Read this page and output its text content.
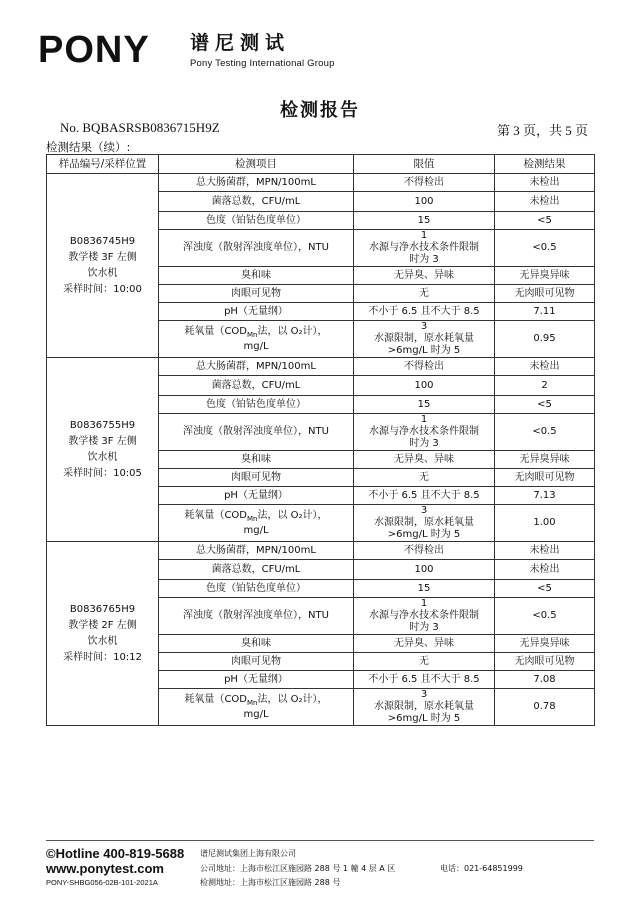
PONY 谱尼测试
Pony Testing International Group
检测报告
No. BQBASRSB0836715H9Z	第 3 页，共 5 页
检测结果（续）:
样品编号/采样位置	检测项目	限值	检测结果

B0836745H9
教学楼 3F 左侧
饮水机
采样时间：10:00	总大肠菌群，MPN/100mL	不得检出	未检出
	菌落总数，CFU/mL	100	未检出
	色度（铂钴色度单位）	15	<5
	浑浊度（散射浑浊度单位），NTU	1
水源与净水技术条件限制
时为 3	<0.5
	臭和味	无异臭、异味	无异臭异味
	肉眼可见物	无	无肉眼可见物
	pH（无量纲）	不小于 6.5 且不大于 8.5	7.11
	耗氧量（$COD_{Mn}$法，以 O₂计），
mg/L	3
水源限制，原水耗氧量
>6mg/L 时为 5	0.95

B0836755H9
教学楼 3F 左侧
饮水机
采样时间：10:05	总大肠菌群，MPN/100mL	不得检出	未检出
	菌落总数，CFU/mL	100	2
	色度（铂钴色度单位）	15	<5
	浑浊度（散射浑浊度单位），NTU	1
水源与净水技术条件限制
时为 3	<0.5
	臭和味	无异臭、异味	无异臭异味
	肉眼可见物	无	无肉眼可见物
	pH（无量纲）	不小于 6.5 且不大于 8.5	7.13
	耗氧量（$COD_{Mn}$法，以 O₂计），
mg/L	3
水源限制，原水耗氧量
>6mg/L 时为 5	1.00

B0836765H9
教学楼 2F 左侧
饮水机
采样时间：10:12	总大肠菌群，MPN/100mL	不得检出	未检出
	菌落总数，CFU/mL	100	未检出
	色度（铂钴色度单位）	15	<5
	浑浊度（散射浑浊度单位），NTU	1
水源与净水技术条件限制
时为 3	<0.5
	臭和味	无异臭、异味	无异臭异味
	肉眼可见物	无	无肉眼可见物
	pH（无量纲）	不小于 6.5 且不大于 8.5	7.08
	耗氧量（$COD_{Mn}$法，以 O₂计），
mg/L	3
水源限制，原水耗氧量
>6mg/L 时为 5	0.78
©Hotline 400-819-5688
www.ponytest.com
PONY-SHBG056-02B-101-2021A
谱尼测试集团上海有限公司
公司地址：上海市松江区施园路 288 号 1 幢 4 层 A 区
检测地址：上海市松江区施园路 288 号
电话：021-64851999
